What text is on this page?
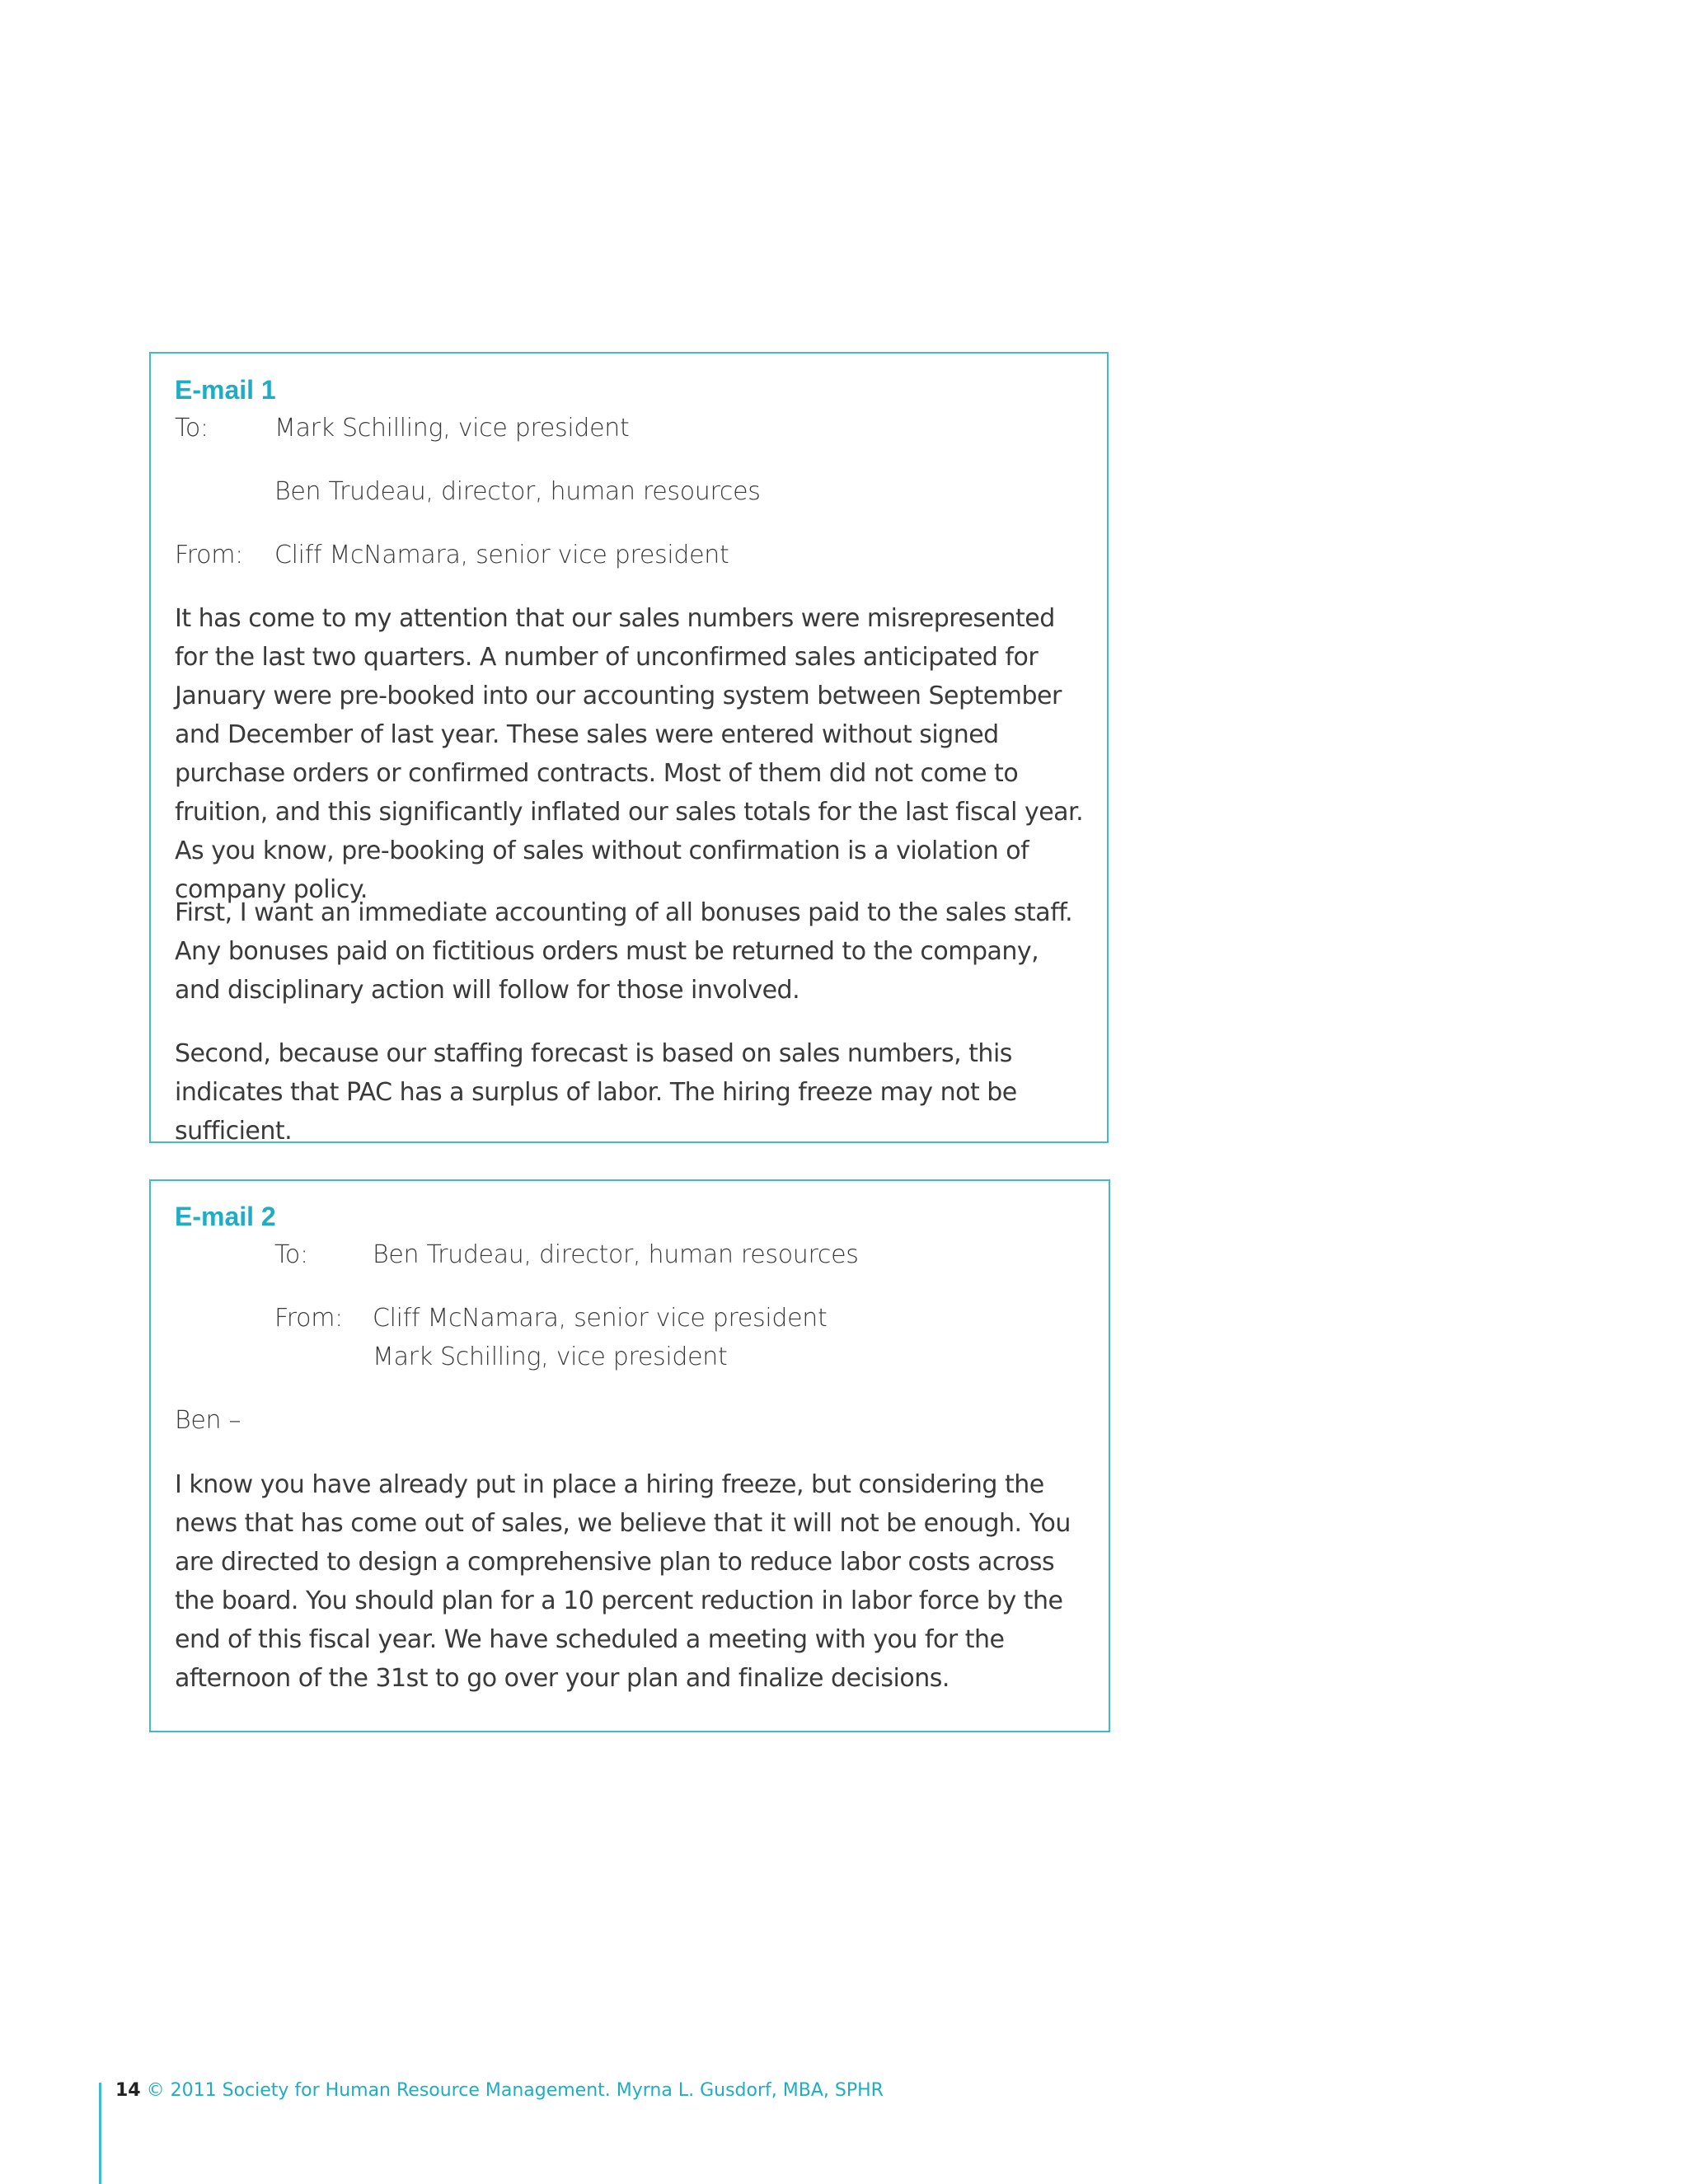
E-mail 1
To:	Mark Schilling, vice president
Ben Trudeau, director, human resources
From: Cliff McNamara, senior vice president
It has come to my attention that our sales numbers were misrepresented for the last two quarters. A number of unconfirmed sales anticipated for January were pre-booked into our accounting system between September and December of last year. These sales were entered without signed purchase orders or confirmed contracts. Most of them did not come to fruition, and this significantly inflated our sales totals for the last fiscal year. As you know, pre-booking of sales without confirmation is a violation of company policy.
First, I want an immediate accounting of all bonuses paid to the sales staff. Any bonuses paid on fictitious orders must be returned to the company, and disciplinary action will follow for those involved.
Second, because our staffing forecast is based on sales numbers, this indicates that PAC has a surplus of labor. The hiring freeze may not be sufficient.
E-mail 2
To:	Ben Trudeau, director, human resources
From: Cliff McNamara, senior vice president
Mark Schilling, vice president
Ben –
I know you have already put in place a hiring freeze, but considering the news that has come out of sales, we believe that it will not be enough. You are directed to design a comprehensive plan to reduce labor costs across the board. You should plan for a 10 percent reduction in labor force by the end of this fiscal year. We have scheduled a meeting with you for the afternoon of the 31st to go over your plan and finalize decisions.
14 © 2011 Society for Human Resource Management. Myrna L. Gusdorf, MBA, SPHR
